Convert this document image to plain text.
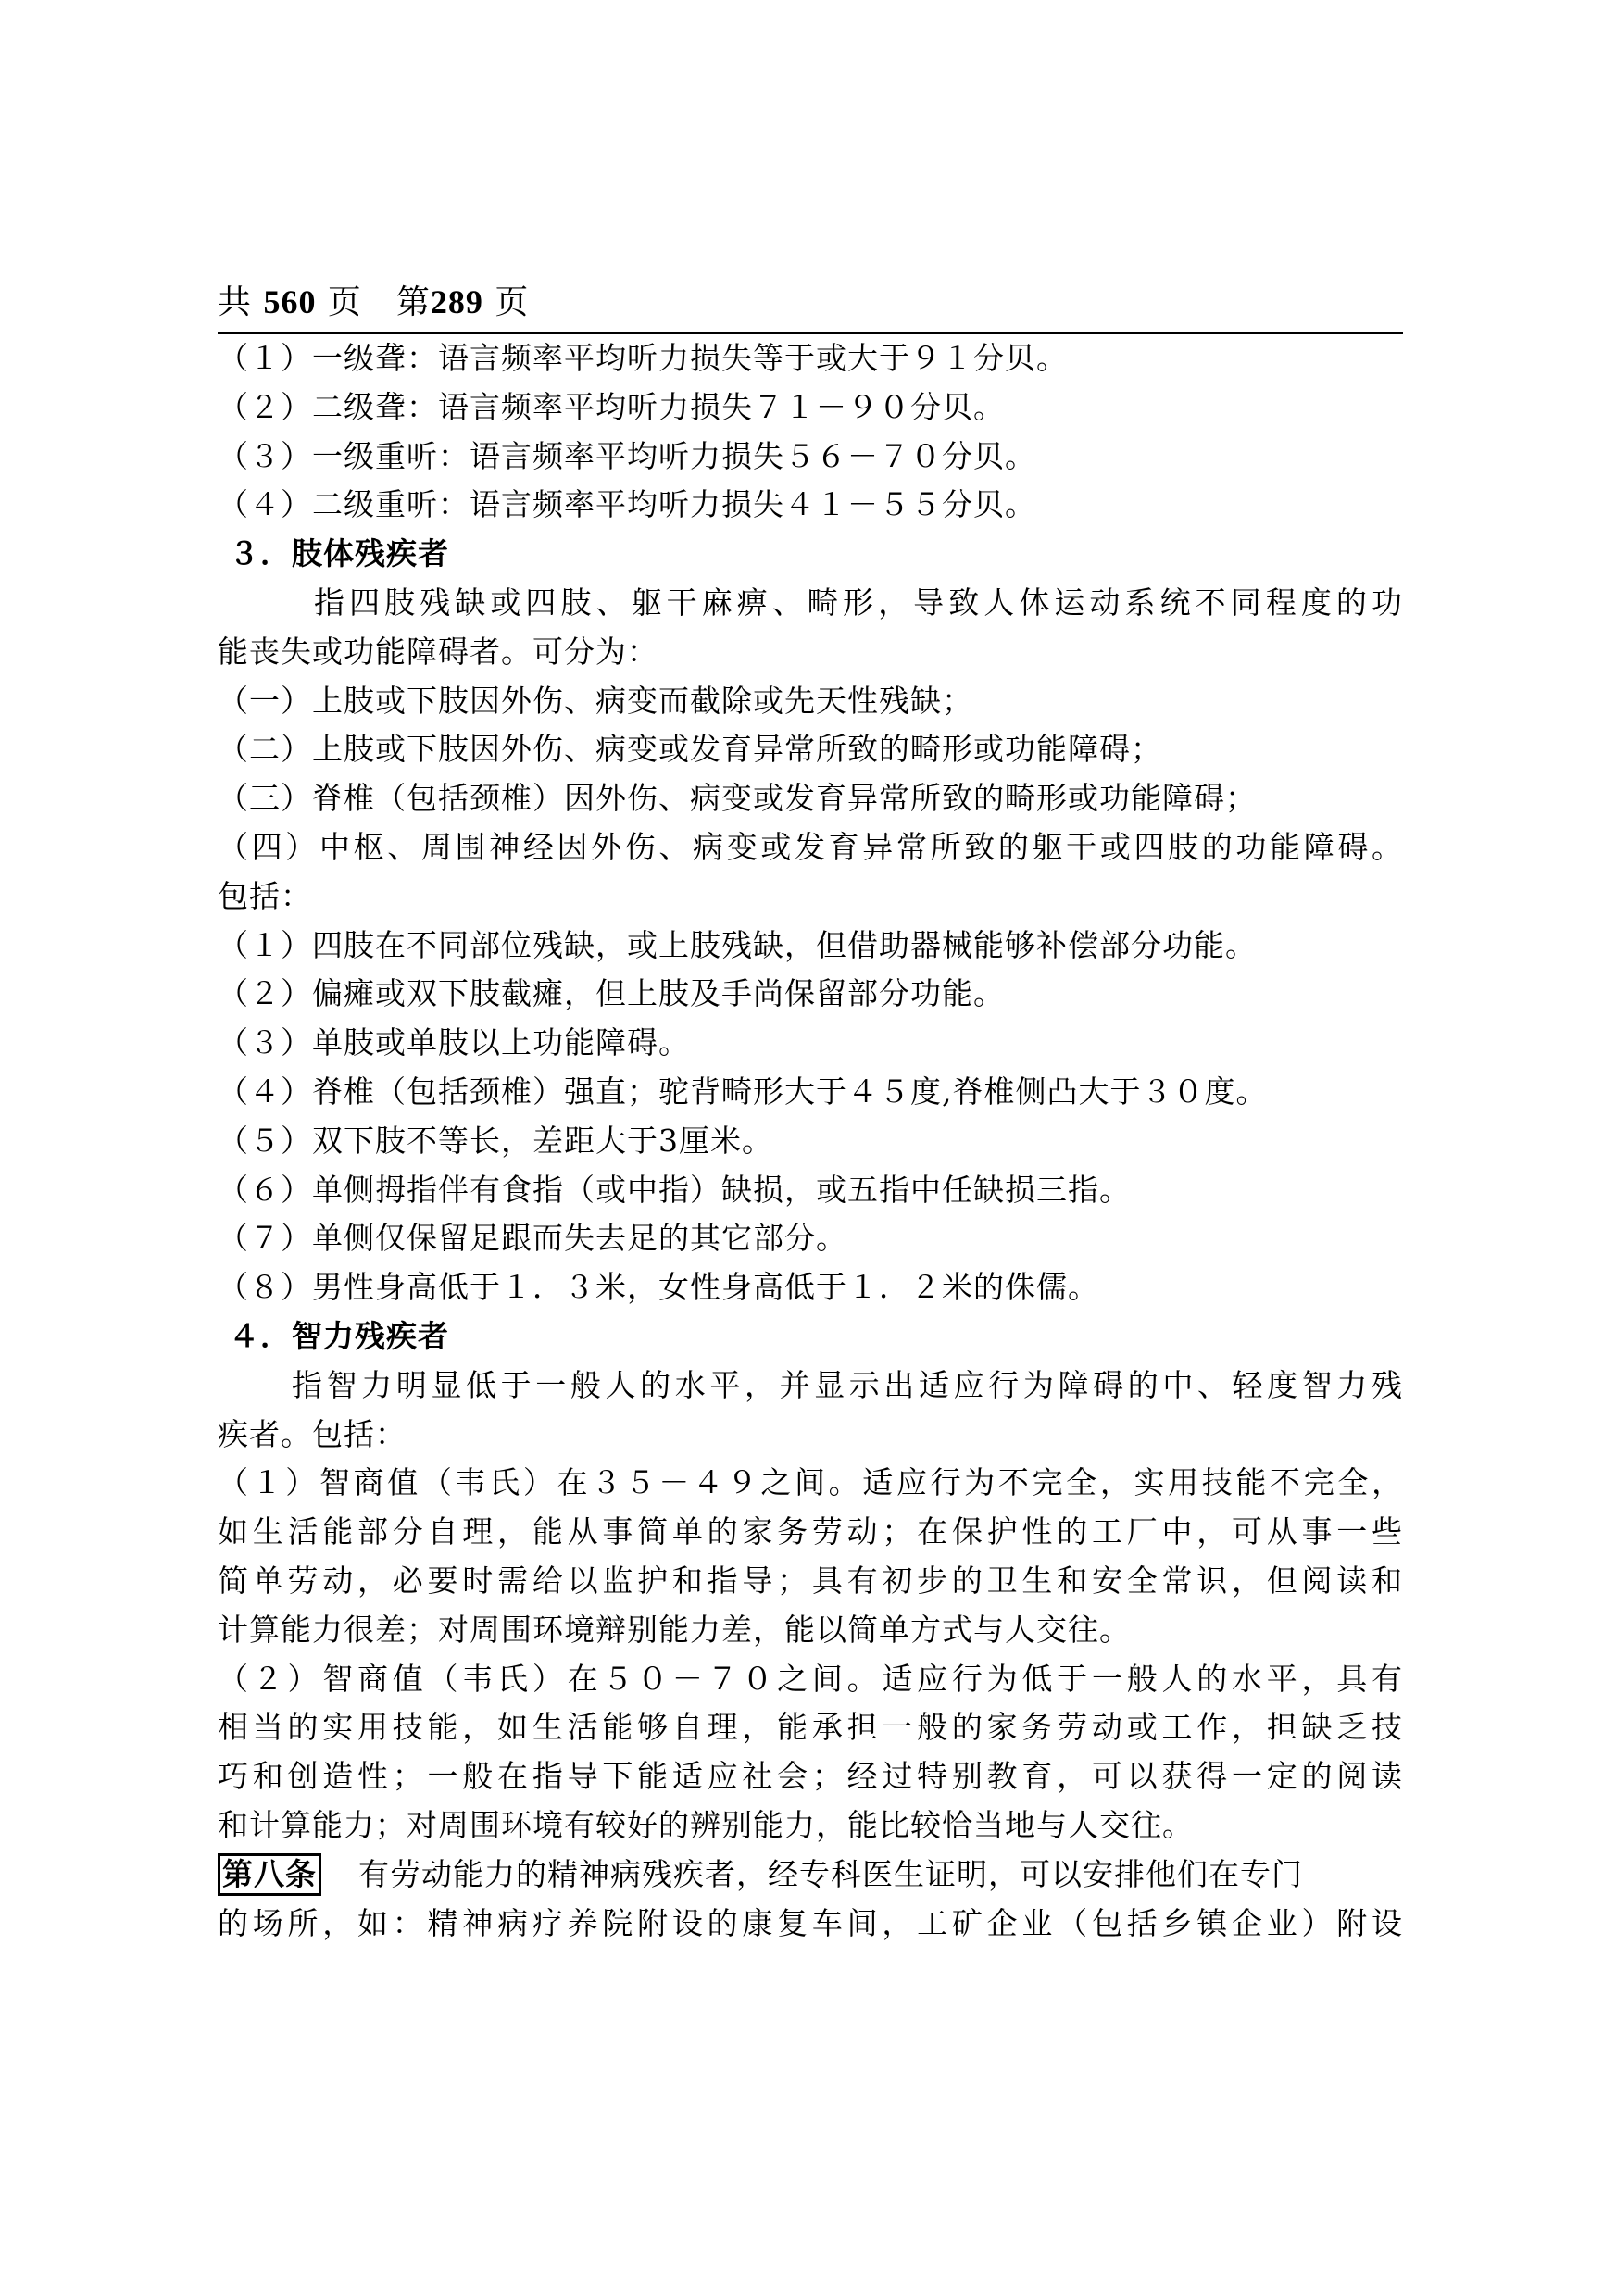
共 560 页 第289 页
（１）一级聋：语言频率平均听力损失等于或大于９１分贝。
（２）二级聋：语言频率平均听力损失７１－９０分贝。
（３）一级重听：语言频率平均听力损失５６－７０分贝。
（４）二级重听：语言频率平均听力损失４１－５５分贝。
３．肢体残疾者
指四肢残缺或四肢、躯干麻痹、畸形，导致人体运动系统不同程度的功
能丧失或功能障碍者。可分为：
（一）上肢或下肢因外伤、病变而截除或先天性残缺；
（二）上肢或下肢因外伤、病变或发育异常所致的畸形或功能障碍；
（三）脊椎（包括颈椎）因外伤、病变或发育异常所致的畸形或功能障碍；
（四）中枢、周围神经因外伤、病变或发育异常所致的躯干或四肢的功能障碍。
包括：
（１）四肢在不同部位残缺，或上肢残缺，但借助器械能够补偿部分功能。
（２）偏瘫或双下肢截瘫，但上肢及手尚保留部分功能。
（３）单肢或单肢以上功能障碍。
（４）脊椎（包括颈椎）强直；驼背畸形大于４５度,脊椎侧凸大于３０度。
（５）双下肢不等长，差距大于3厘米。
（６）单侧拇指伴有食指（或中指）缺损，或五指中任缺损三指。
（７）单侧仅保留足跟而失去足的其它部分。
（８）男性身高低于１．３米，女性身高低于１．２米的侏儒。
４．智力残疾者
指智力明显低于一般人的水平，并显示出适应行为障碍的中、轻度智力残
疾者。包括：
（１）智商值（韦氏）在３５－４９之间。适应行为不完全，实用技能不完全，
如生活能部分自理，能从事简单的家务劳动；在保护性的工厂中，可从事一些
简单劳动，必要时需给以监护和指导；具有初步的卫生和安全常识，但阅读和
计算能力很差；对周围环境辩别能力差，能以简单方式与人交往。
（２）智商值（韦氏）在５０－７０之间。适应行为低于一般人的水平，具有
相当的实用技能，如生活能够自理，能承担一般的家务劳动或工作，担缺乏技
巧和创造性；一般在指导下能适应社会；经过特别教育，可以获得一定的阅读
和计算能力；对周围环境有较好的辨别能力，能比较恰当地与人交往。
第八条 有劳动能力的精神病残疾者，经专科医生证明，可以安排他们在专门
的场所，如：精神病疗养院附设的康复车间，工矿企业（包括乡镇企业）附设
